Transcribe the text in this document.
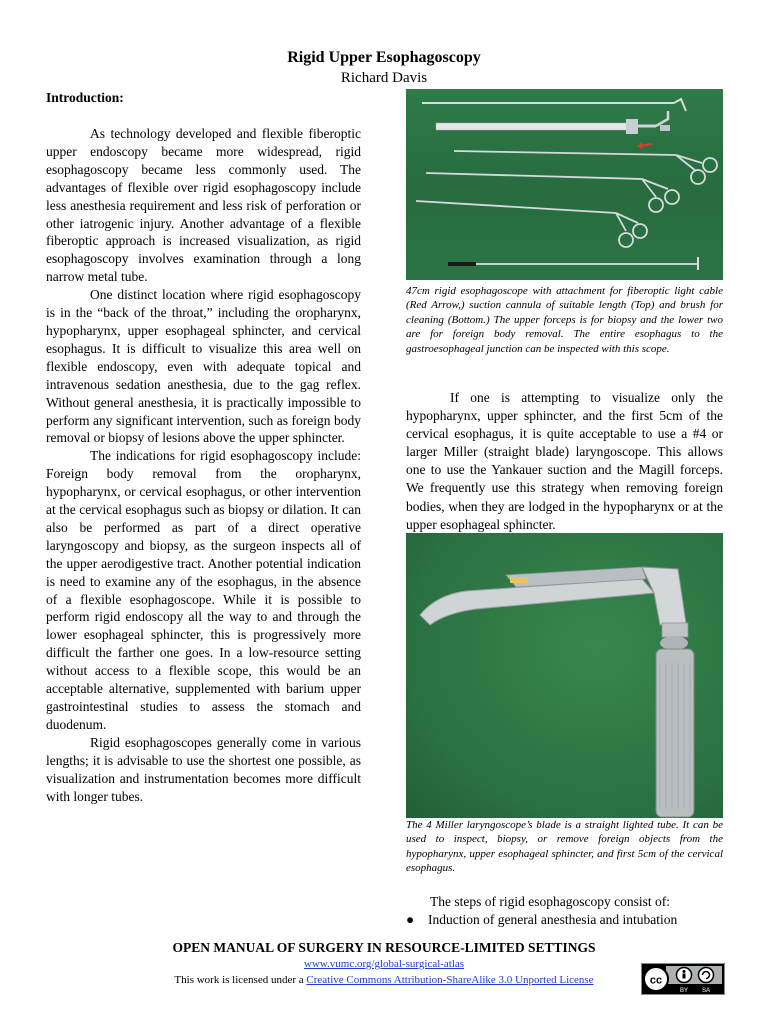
Rigid Upper Esophagoscopy
Richard Davis

Introduction:

As technology developed and flexible fiberoptic upper endoscopy became more widespread, rigid esophagoscopy became less commonly used. The advantages of flexible over rigid esophagoscopy include less anesthesia requirement and less risk of perforation or other iatrogenic injury. Another advantage of a flexible fiberoptic approach is increased visualization, as rigid esophagoscopy involves examination through a long narrow metal tube.

One distinct location where rigid esophagoscopy is in the “back of the throat,” including the oropharynx, hypopharynx, upper esophageal sphincter, and cervical esophagus. It is difficult to visualize this area well on flexible endoscopy, even with adequate topical and intravenous sedation anesthesia, due to the gag reflex. Without general anesthesia, it is practically impossible to perform any significant intervention, such as foreign body removal or biopsy of lesions above the upper sphincter.

The indications for rigid esophagoscopy include: Foreign body removal from the oropharynx, hypopharynx, or cervical esophagus, or other intervention at the cervical esophagus such as biopsy or dilation. It can also be performed as part of a direct operative laryngoscopy and biopsy, as the surgeon inspects all of the upper aerodigestive tract. Another potential indication is need to examine any of the esophagus, in the absence of a flexible esophagoscope. While it is possible to perform rigid endoscopy all the way to and through the lower esophageal sphincter, this is progressively more difficult the farther one goes. In a low-resource setting without access to a flexible scope, this would be an acceptable alternative, supplemented with barium upper gastrointestinal studies to assess the stomach and duodenum.

Rigid esophagoscopes generally come in various lengths; it is advisable to use the shortest one possible, as visualization and instrumentation becomes more difficult with longer tubes.

47cm rigid esophagoscope with attachment for fiberoptic light cable (Red Arrow,) suction cannula of suitable length (Top) and brush for cleaning (Bottom.) The upper forceps is for biopsy and the lower two are for foreign body removal. The entire esophagus to the gastroesophageal junction can be inspected with this scope.

If one is attempting to visualize only the hypopharynx, upper sphincter, and the first 5cm of the cervical esophagus, it is quite acceptable to use a #4 or larger Miller (straight blade) laryngoscope. This allows one to use the Yankauer suction and the Magill forceps. We frequently use this strategy when removing foreign bodies, when they are lodged in the hypopharynx or at the upper esophageal sphincter.

The 4 Miller laryngoscope’s blade is a straight lighted tube. It can be used to inspect, biopsy, or remove foreign objects from the hypopharynx, upper esophageal sphincter, and first 5cm of the cervical esophagus.

The steps of rigid esophagoscopy consist of:

● Induction of general anesthesia and intubation

OPEN MANUAL OF SURGERY IN RESOURCE-LIMITED SETTINGS
www.vumc.org/global-surgical-atlas
This work is licensed under a Creative Commons Attribution-ShareAlike 3.0 Unported License	cc
BY SA
